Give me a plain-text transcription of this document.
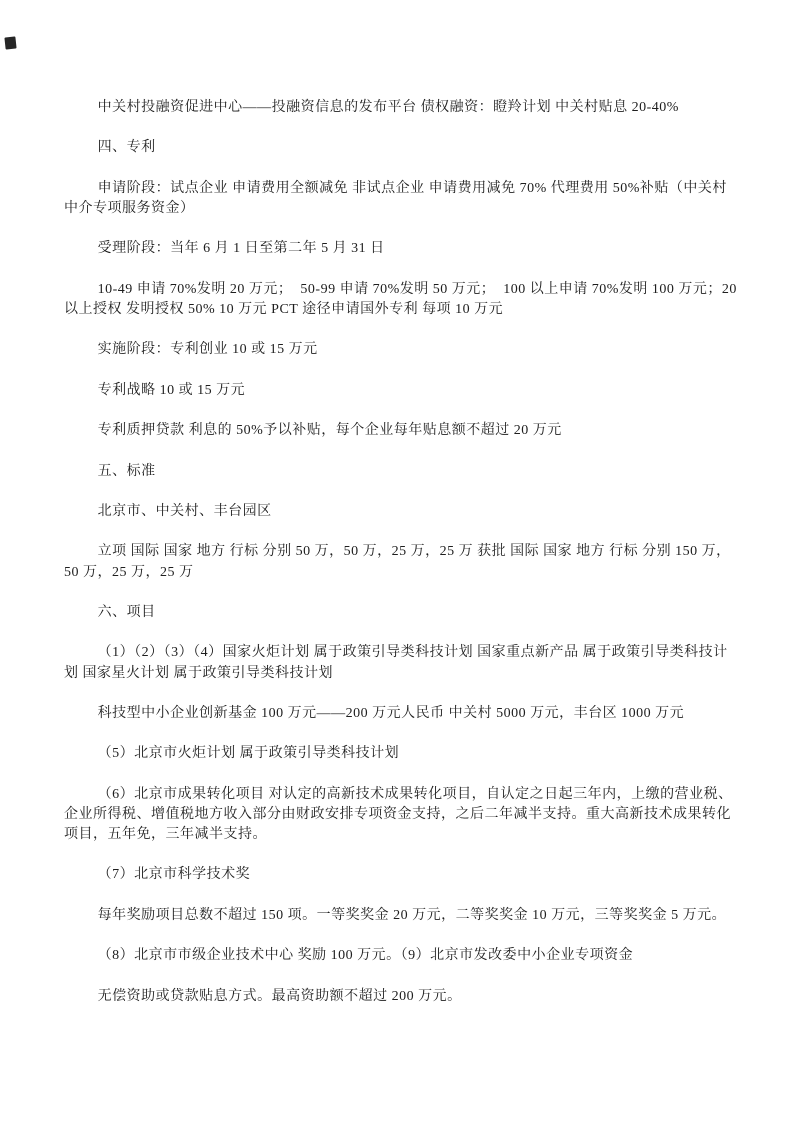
中关村投融资促进中心——投融资信息的发布平台 债权融资：瞪羚计划 中关村贴息 20-40%

四、专利

申请阶段：试点企业 申请费用全额减免 非试点企业 申请费用减免 70% 代理费用 50%补贴（中关村中介专项服务资金）

受理阶段：当年 6 月 1 日至第二年 5 月 31 日

10-49 申请 70%发明 20 万元；  50-99 申请 70%发明 50 万元；  100 以上申请 70%发明 100 万元；20 以上授权 发明授权 50% 10 万元 PCT 途径申请国外专利 每项 10 万元

实施阶段：专利创业 10 或 15 万元

专利战略 10 或 15 万元

专利质押贷款 利息的 50%予以补贴，每个企业每年贴息额不超过 20 万元

五、标准

北京市、中关村、丰台园区

立项 国际 国家 地方 行标 分别 50 万，50 万，25 万，25 万 获批 国际 国家 地方 行标 分别 150 万，50 万，25 万，25 万

六、项目

（1）（2）（3）（4）国家火炬计划 属于政策引导类科技计划 国家重点新产品 属于政策引导类科技计划 国家星火计划 属于政策引导类科技计划

科技型中小企业创新基金 100 万元——200 万元人民币 中关村 5000 万元，丰台区 1000 万元

（5）北京市火炬计划 属于政策引导类科技计划

（6）北京市成果转化项目 对认定的高新技术成果转化项目，自认定之日起三年内，上缴的营业税、企业所得税、增值税地方收入部分由财政安排专项资金支持，之后二年减半支持。重大高新技术成果转化项目，五年免，三年减半支持。

（7）北京市科学技术奖

每年奖励项目总数不超过 150 项。一等奖奖金 20 万元，二等奖奖金 10 万元，三等奖奖金 5 万元。

（8）北京市市级企业技术中心 奖励 100 万元。（9）北京市发改委中小企业专项资金

无偿资助或贷款贴息方式。最高资助额不超过 200 万元。
